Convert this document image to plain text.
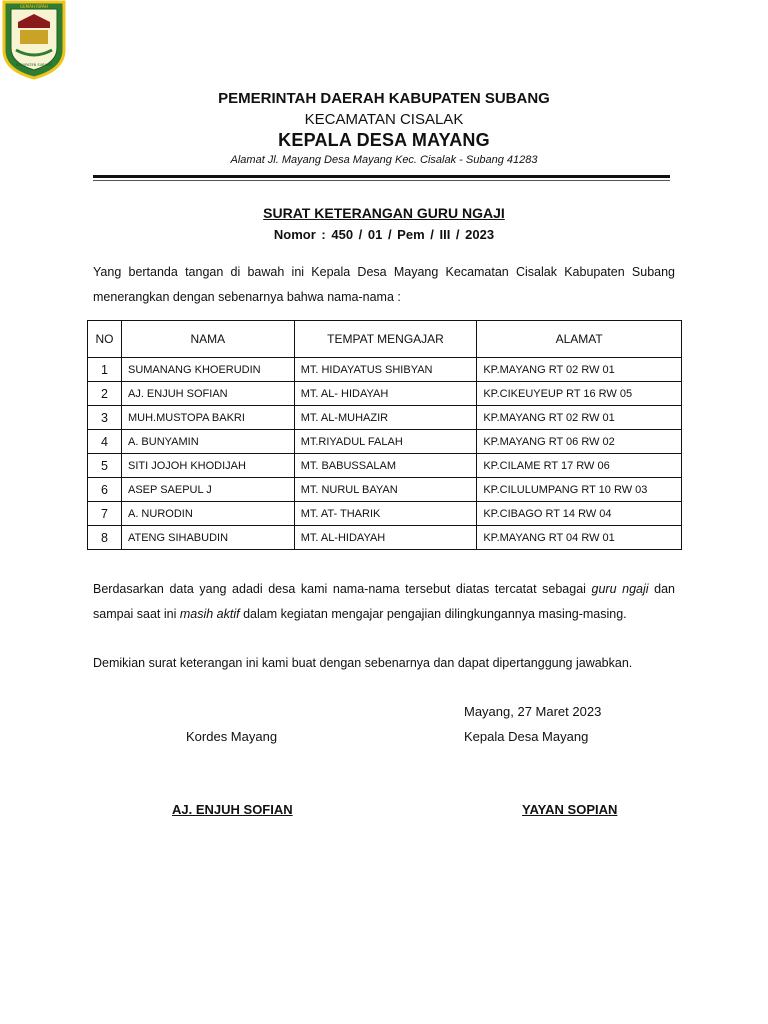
GEMAH RIPAH
KABUPATEN SUBANG
PEMERINTAH DAERAH KABUPATEN SUBANG
KECAMATAN CISALAK
KEPALA DESA MAYANG
Alamat Jl. Mayang Desa Mayang Kec. Cisalak - Subang 41283
SURAT KETERANGAN GURU NGAJI
Nomor : 450 / 01 / Pem / III / 2023
Yang bertanda tangan di bawah ini Kepala Desa Mayang Kecamatan Cisalak Kabupaten Subang menerangkan dengan sebenarnya bahwa nama-nama :
NO	NAMA	TEMPAT MENGAJAR	ALAMAT
1	SUMANANG KHOERUDIN	MT. HIDAYATUS SHIBYAN	KP.MAYANG RT 02 RW 01
2	AJ. ENJUH SOFIAN	MT. AL- HIDAYAH	KP.CIKEUYEUP RT 16 RW 05
3	MUH.MUSTOPA BAKRI	MT. AL-MUHAZIR	KP.MAYANG RT 02 RW 01
4	A. BUNYAMIN	MT.RIYADUL FALAH	KP.MAYANG RT 06 RW 02
5	SITI JOJOH KHODIJAH	MT. BABUSSALAM	KP.CILAME RT 17 RW 06
6	ASEP SAEPUL J	MT. NURUL BAYAN	KP.CILULUMPANG RT 10 RW 03
7	A. NURODIN	MT. AT- THARIK	KP.CIBAGO RT 14 RW 04
8	ATENG SIHABUDIN	MT. AL-HIDAYAH	KP.MAYANG RT 04 RW 01
Berdasarkan data yang adadi desa kami nama-nama tersebut diatas tercatat sebagai guru ngaji dan sampai saat ini masih aktif dalam kegiatan mengajar pengajian dilingkungannya masing-masing.
Demikian surat keterangan ini kami buat dengan sebenarnya dan dapat dipertanggung jawabkan.
Mayang, 27 Maret 2023
Kordes Mayang	Kepala Desa Mayang
AJ. ENJUH SOFIAN	YAYAN SOPIAN
